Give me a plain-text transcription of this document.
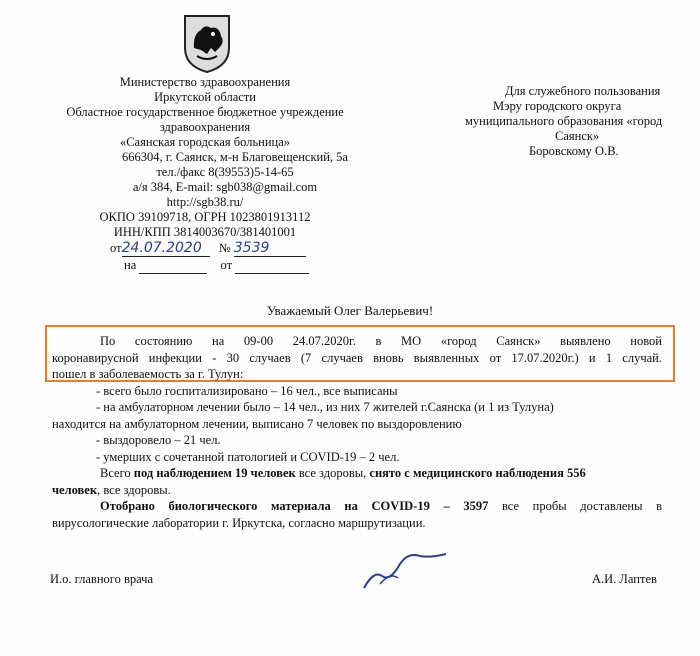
Министерство здравоохранения
Иркутской области
Областное государственное бюджетное учреждение
здравоохранения
«Саянская городская больница»
666304, г. Саянск, м-н Благовещенский, 5а
тел./факс 8(39553)5-14-65
а/я 384, E-mail: sgb038@gmail.com
http://sgb38.ru/
ОКПО 39109718, ОГРН 1023801913112
ИНН/КПП 3814003670/381401001
от24.07.2020 № 3539
на	от
Для служебного пользования
Мэру городского округа
муниципального образования «город
Саянск»
Боровскому О.В.
Уважаемый Олег Валерьевич!

По состоянию на 09-00 24.07.2020г. в МО «город Саянск» выявлено новой

коронавирусной инфекции - 30 случаев (7 случаев вновь выявленных от 17.07.2020г.) и 1 случай.

пошел в заболеваемость за г. Тулун:

- всего было госпитализировано – 16 чел., все выписаны

- на амбулаторном лечении было – 14 чел., из них 7 жителей г.Саянска (и 1 из Тулуна)

находится на амбулаторном лечении, выписано 7 человек по выздоровлению

- выздоровело – 21 чел.

- умерших с сочетанной патологией и COVID-19 – 2 чел.

Всего под наблюдением 19 человек все здоровы, снято с медицинского наблюдения 556

человек, все здоровы.

Отобрано биологического материала на COVID-19 – 3597 все пробы доставлены в

вирусологические лаборатории г. Иркутска, согласно маршрутизации.

И.о. главного врача	А.И. Лаптев
